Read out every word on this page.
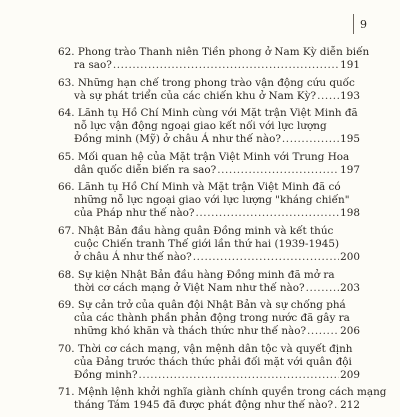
9
62. Phong trào Thanh niên Tiền phong ở Nam Kỳ diễn biến
ra sao? .....	191
63. Những hạn chế trong phong trào vận động cứu quốc
và sự phát triển của các chiến khu ở Nam Kỳ? ..... 193
64. Lãnh tụ Hồ Chí Minh cùng với Mặt trận Việt Minh đã
nỗ lực vận động ngoại giao kết nối với lực lượng
Đồng minh (Mỹ) ở châu Á như thế nào? .....	195
65. Mối quan hệ của Mặt trận Việt Minh với Trung Hoa
dân quốc diễn biến ra sao? .....	197
66. Lãnh tụ Hồ Chí Minh và Mặt trận Việt Minh đã có
những nỗ lực ngoại giao với lực lượng "kháng chiến"
của Pháp như thế nào? .....	198
67. Nhật Bản đầu hàng quân Đồng minh và kết thúc
cuộc Chiến tranh Thế giới lần thứ hai (1939-1945)
ở châu Á như thế nào? .....	200
68. Sự kiện Nhật Bản đầu hàng Đồng minh đã mở ra
thời cơ cách mạng ở Việt Nam như thế nào? .....	203
69. Sự cản trở của quân đội Nhật Bản và sự chống phá
của các thành phần phản động trong nước đã gây ra
những khó khăn và thách thức như thế nào? .....	206
70. Thời cơ cách mạng, vận mệnh dân tộc và quyết định
của Đảng trước thách thức phải đối mặt với quân đội
Đồng minh? .....	209
71. Mệnh lệnh khởi nghĩa giành chính quyền trong cách mạng
tháng Tám 1945 đã được phát động như thế nào? ..... 212
